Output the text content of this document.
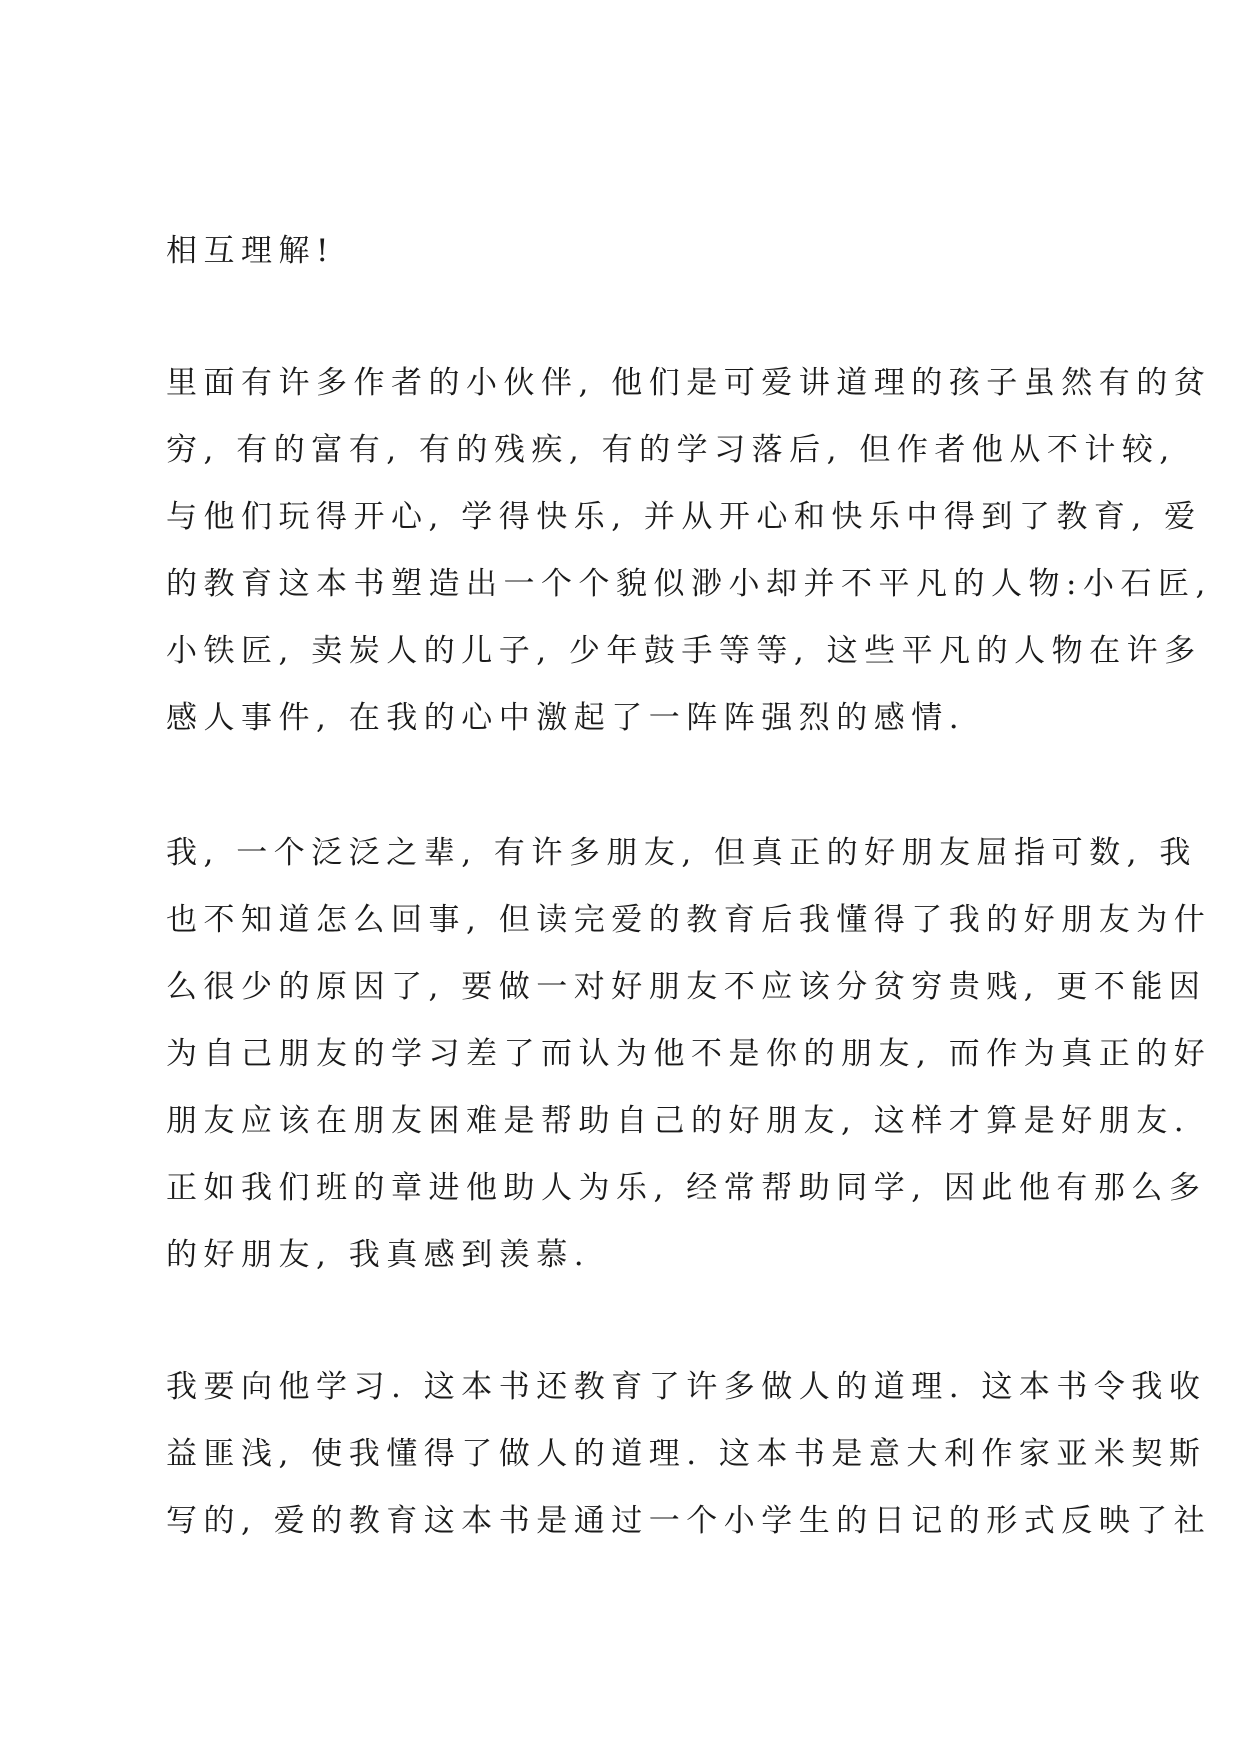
相互理解!
里面有许多作者的小伙伴, 他们是可爱讲道理的孩子虽然有的贫
穷, 有的富有, 有的残疾, 有的学习落后, 但作者他从不计较,
与他们玩得开心, 学得快乐, 并从开心和快乐中得到了教育, 爱
的教育这本书塑造出一个个貌似渺小却并不平凡的人物:小石匠,
小铁匠, 卖炭人的儿子, 少年鼓手等等, 这些平凡的人物在许多
感人事件, 在我的心中激起了一阵阵强烈的感情.
我, 一个泛泛之辈, 有许多朋友, 但真正的好朋友屈指可数, 我
也不知道怎么回事, 但读完爱的教育后我懂得了我的好朋友为什
么很少的原因了, 要做一对好朋友不应该分贫穷贵贱, 更不能因
为自己朋友的学习差了而认为他不是你的朋友, 而作为真正的好
朋友应该在朋友困难是帮助自己的好朋友, 这样才算是好朋友.
正如我们班的章进他助人为乐, 经常帮助同学, 因此他有那么多
的好朋友, 我真感到羡慕.
我要向他学习. 这本书还教育了许多做人的道理. 这本书令我收
益匪浅, 使我懂得了做人的道理. 这本书是意大利作家亚米契斯
写的, 爱的教育这本书是通过一个小学生的日记的形式反映了社
